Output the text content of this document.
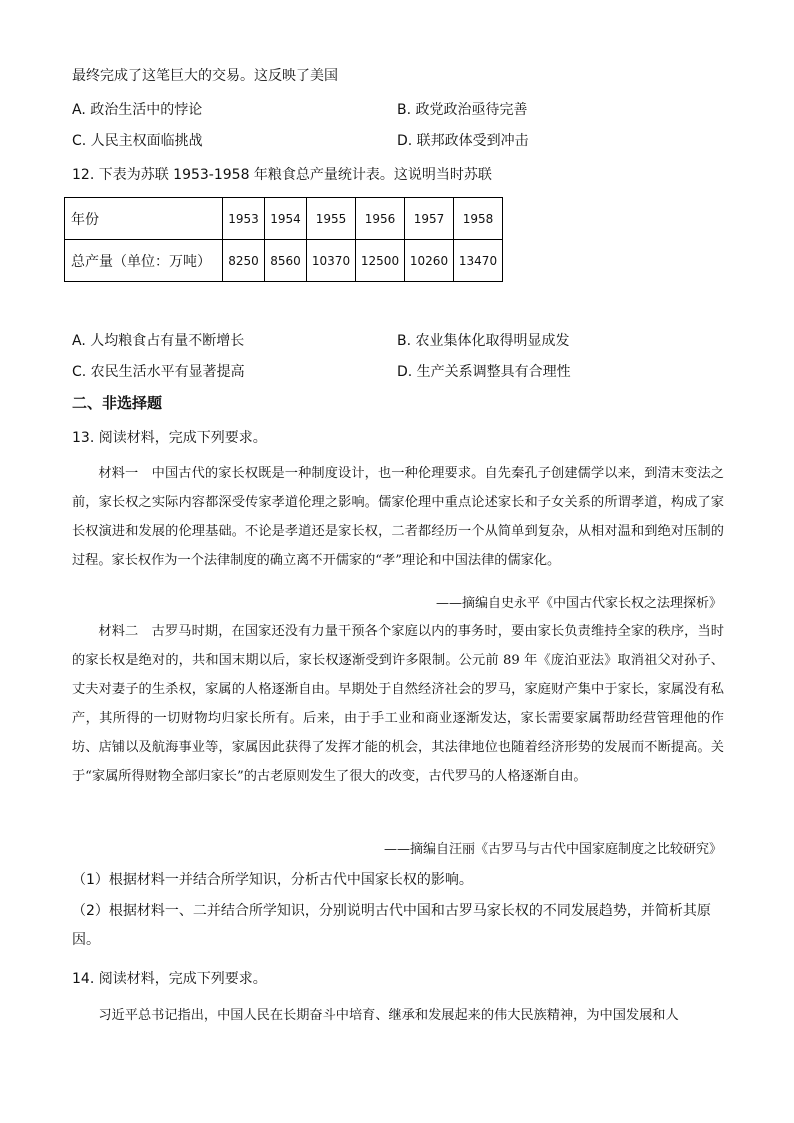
最终完成了这笔巨大的交易。这反映了美国
A. 政治生活中的悖论	B. 政党政治亟待完善
C. 人民主权面临挑战	D. 联邦政体受到冲击
12. 下表为苏联 1953-1958 年粮食总产量统计表。这说明当时苏联
年份	1953	1954	1955	1956	1957	1958
总产量（单位：万吨）	8250	8560	10370	12500	10260	13470
A. 人均粮食占有量不断增长	B. 农业集体化取得明显成发
C. 农民生活水平有显著提高	D. 生产关系调整具有合理性
二、非选择题
13. 阅读材料，完成下列要求。
材料一　中国古代的家长权既是一种制度设计，也一种伦理要求。自先秦孔子创建儒学以来，到清末变法之前，家长权之实际内容都深受传家孝道伦理之影响。儒家伦理中重点论述家长和子女关系的所谓孝道，构成了家长权演进和发展的伦理基础。不论是孝道还是家长权，二者都经历一个从简单到复杂，从相对温和到绝对压制的过程。家长权作为一个法律制度的确立离不开儒家的“孝”理论和中国法律的儒家化。
——摘编自史永平《中国古代家长权之法理探析》
材料二　古罗马时期，在国家还没有力量干预各个家庭以内的事务时，要由家长负责维持全家的秩序，当时的家长权是绝对的，共和国末期以后，家长权逐渐受到许多限制。公元前 89 年《庞泊亚法》取消祖父对孙子、丈夫对妻子的生杀权，家属的人格逐渐自由。早期处于自然经济社会的罗马，家庭财产集中于家长，家属没有私产，其所得的一切财物均归家长所有。后来，由于手工业和商业逐渐发达，家长需要家属帮助经营管理他的作坊、店铺以及航海事业等，家属因此获得了发挥才能的机会，其法律地位也随着经济形势的发展而不断提高。关于“家属所得财物全部归家长”的古老原则发生了很大的改变，古代罗马的人格逐渐自由。
——摘编自汪丽《古罗马与古代中国家庭制度之比较研究》
（1）根据材料一并结合所学知识，分析古代中国家长权的影响。
（2）根据材料一、二并结合所学知识，分别说明古代中国和古罗马家长权的不同发展趋势，并简析其原因。
14. 阅读材料，完成下列要求。
习近平总书记指出，中国人民在长期奋斗中培育、继承和发展起来的伟大民族精神，为中国发展和人
